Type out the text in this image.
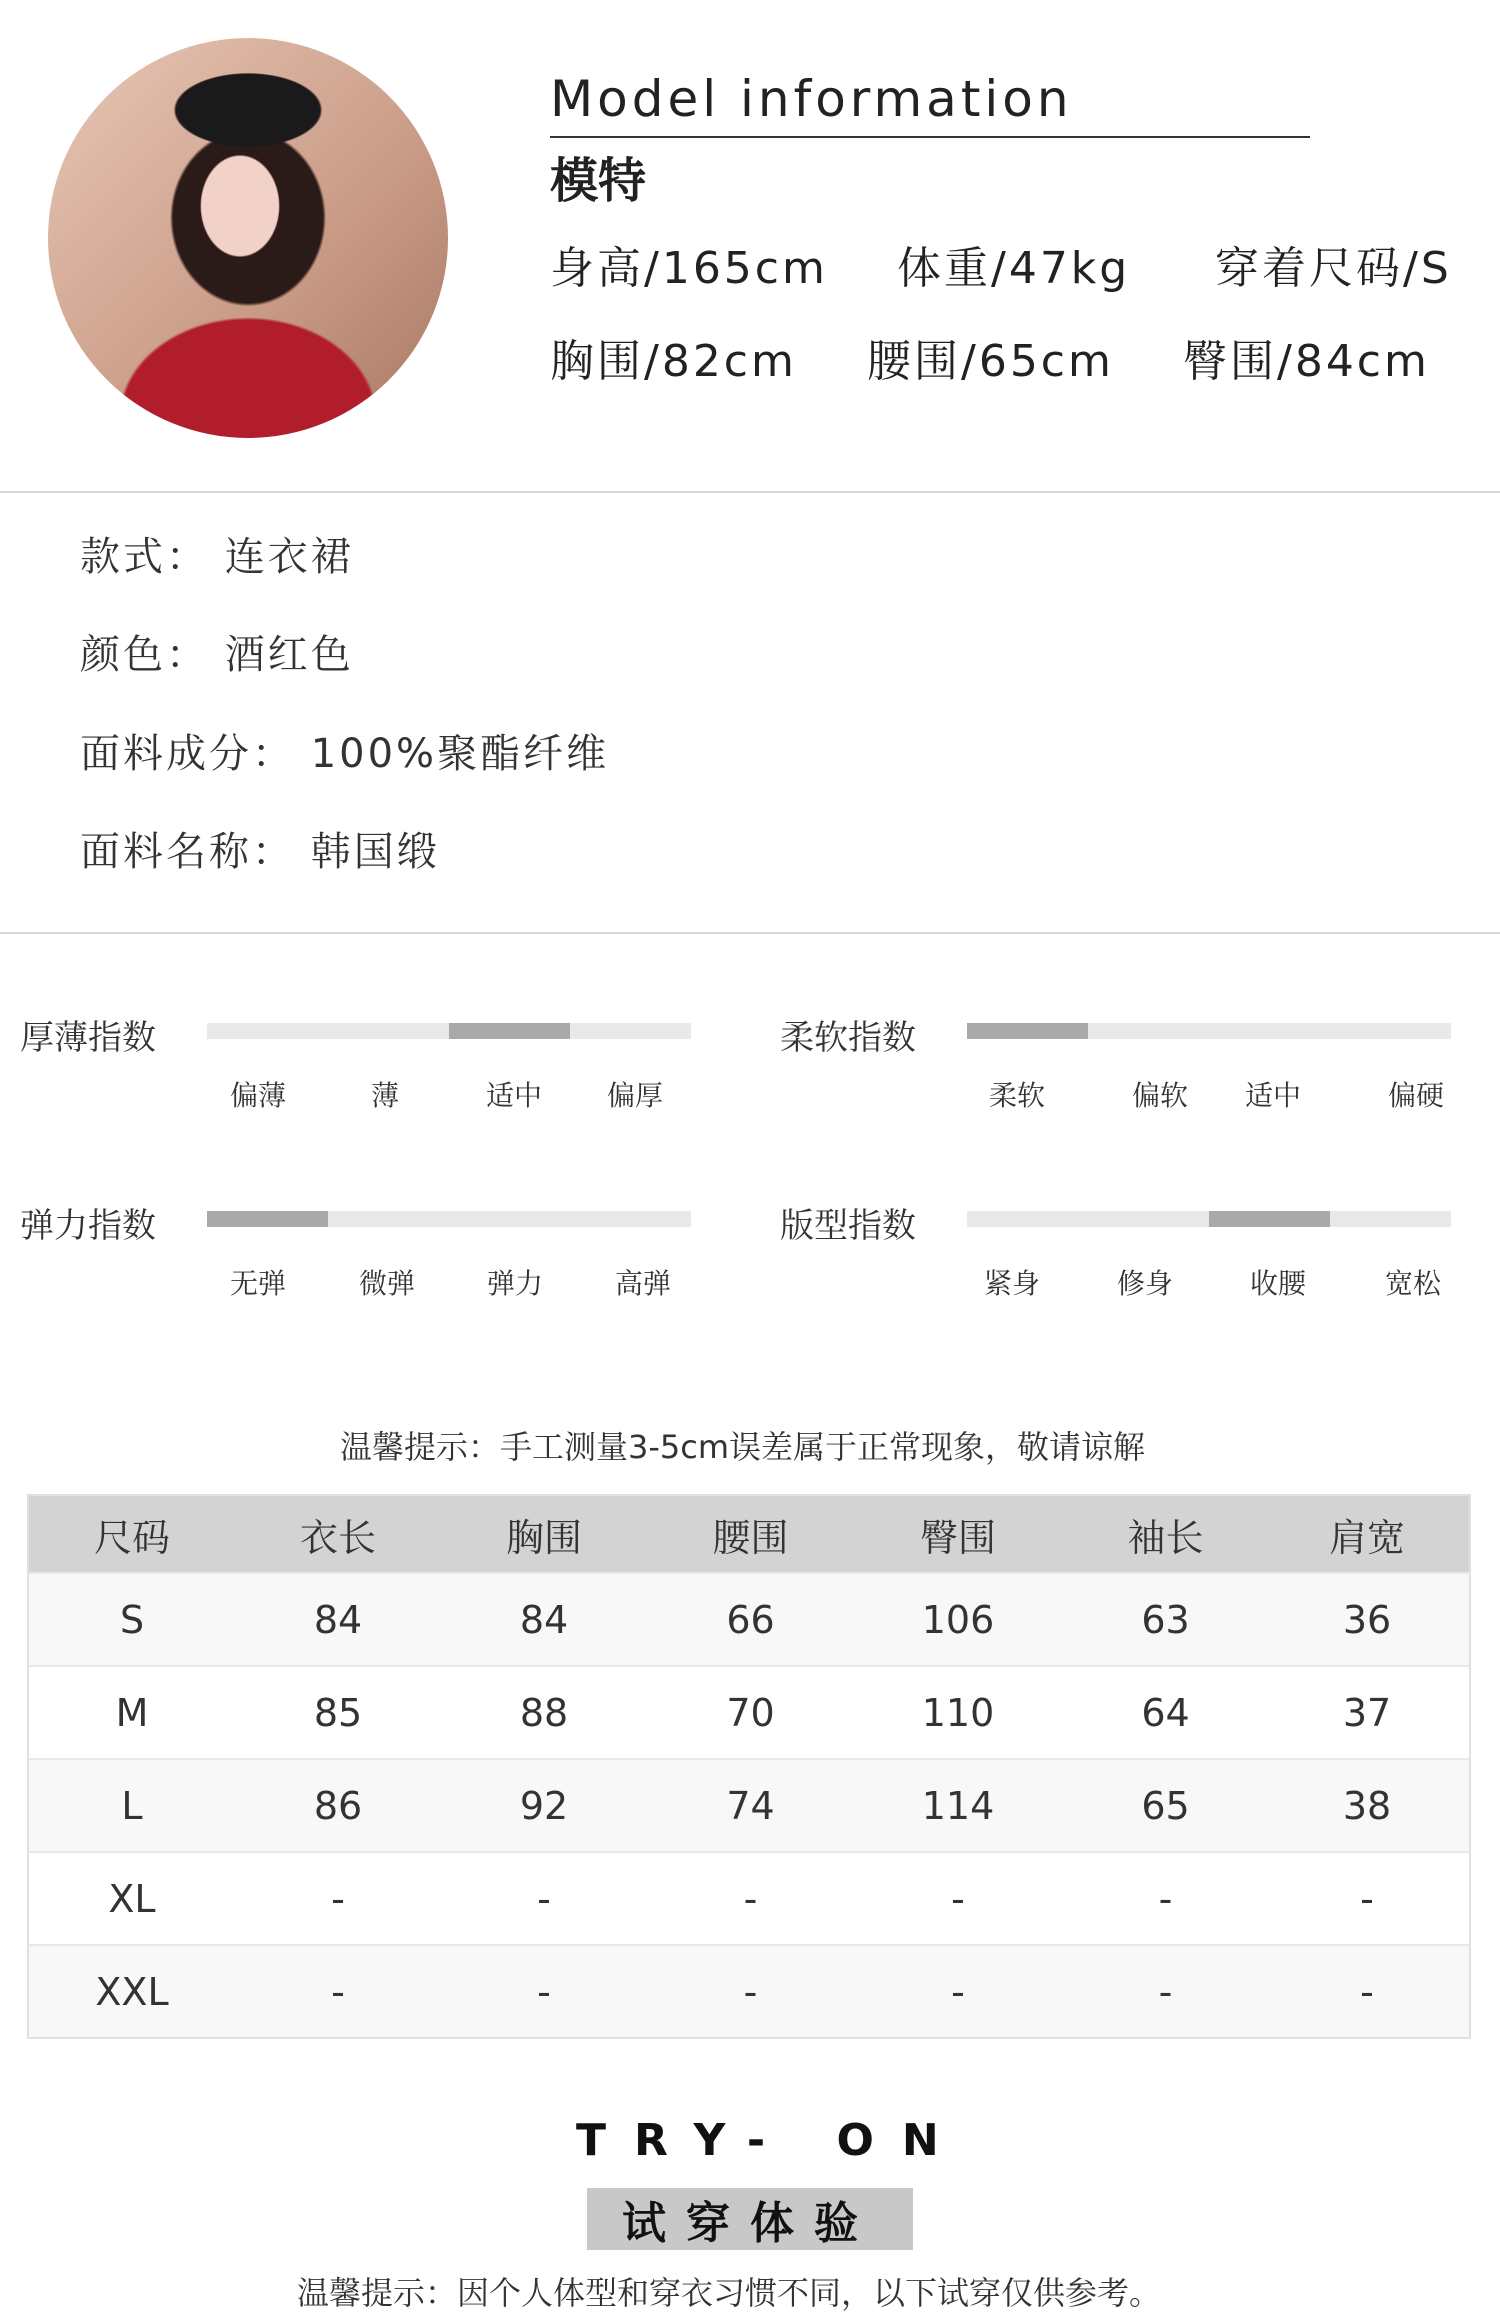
Model information
模特
身高/165cm 体重/47kg 穿着尺码/S
胸围/82cm 腰围/65cm 臀围/84cm
款式： 连衣裙
颜色： 酒红色
面料成分： 100%聚酯纤维
面料名称： 韩国缎
厚薄指数
偏薄	薄	适中	偏厚
柔软指数
柔软	偏软	适中	偏硬
弹力指数
无弹	微弹	弹力	高弹
版型指数
紧身	修身	收腰	宽松
温馨提示：手工测量3-5cm误差属于正常现象，敬请谅解
尺码	衣长	胸围	腰围	臀围	袖长	肩宽
S	84	84	66	106	63	36
M	85	88	70	110	64	37
L	86	92	74	114	65	38
XL	-	-	-	-	-	-
XXL	-	-	-	-	-	-
TRY- ON
试穿体验
温馨提示：因个人体型和穿衣习惯不同，以下试穿仅供参考。
